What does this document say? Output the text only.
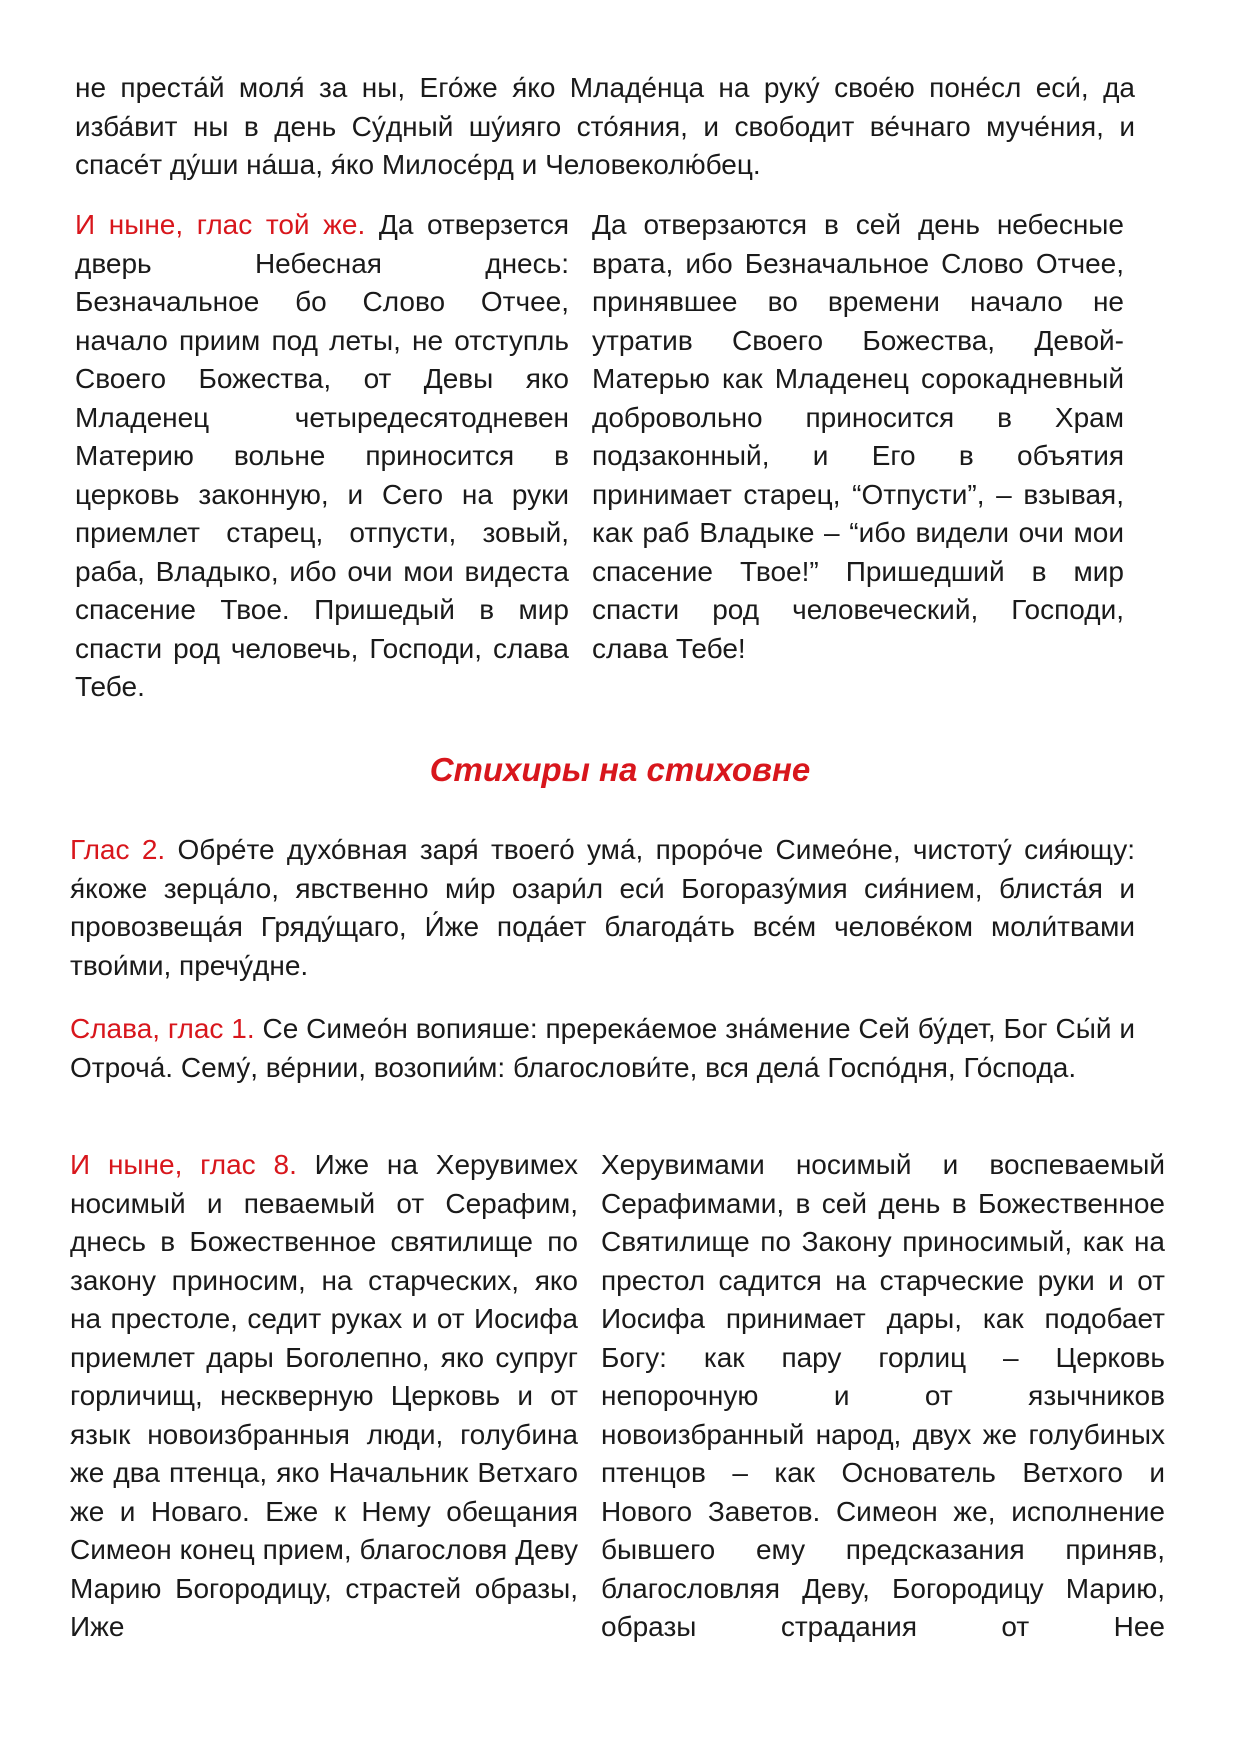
не преста́й моля́ за ны, Его́же я́ко Младе́нца на руку́ свое́ю поне́сл еси́, да изба́вит ны в день Су́дный шу́ияго сто́яния, и свободит ве́чнаго муче́ния, и спасе́т ду́ши на́ша, я́ко Милосе́рд и Человеколю́бец.

И ныне, глас той же. Да отверзется дверь Небесная днесь: Безначальное бо Слово Отчее, начало приим под леты, не отступль Своего Божества, от Девы яко Младенец четыредесятодневен Материю вольне приносится в церковь законную, и Сего на руки приемлет старец, отпусти, зовый, раба, Владыко, ибо очи мои видеста спасение Твое. Пришедый в мир спасти род человечь, Господи, слава Тебе.

Да отверзаются в сей день небесные врата, ибо Безначальное Слово Отчее, принявшее во времени начало не утратив Своего Божества, Девой-Матерью как Младенец сорокадневный добровольно приносится в Храм подзаконный, и Его в объятия принимает старец, “Отпусти”, – взывая, как раб Владыке – “ибо видели очи мои спасение Твое!” Пришедший в мир спасти род человеческий, Господи, слава Тебе!

Стихиры на стиховне

Глас 2. Обре́те духо́вная заря́ твоего́ ума́, проро́че Симео́не, чистоту́ сия́ющу: я́коже зерца́ло, явственно ми́р озари́л еси́ Богоразу́мия сия́нием, блиста́я и провозвеща́я Гряду́щаго, И́же пода́ет благода́ть все́м челове́ком моли́твами твои́ми, пречу́дне.

Слава, глас 1. Се Симео́н вопияше: пререка́емое зна́мение Сей бу́дет, Бог Сы́й и Отроча́. Сему́, ве́рнии, возопии́м: благослови́те, вся дела́ Госпо́дня, Го́спода.

И ныне, глас 8. Иже на Херувимех носимый и певаемый от Серафим, днесь в Божественное святилище по закону приносим, на старческих, яко на престоле, седит руках и от Иосифа приемлет дары Боголепно, яко супруг горличищ, нескверную Церковь и от язык новоизбранныя люди, голубина же два птенца, яко Начальник Ветхаго же и Новаго. Еже к Нему обещания Симеон конец прием, благословя Деву Марию Богородицу, страстей образы, Иже

Херувимами носимый и воспеваемый Серафимами, в сей день в Божественное Святилище по Закону приносимый, как на престол садится на старческие руки и от Иосифа принимает дары, как подобает Богу: как пару горлиц – Церковь непорочную и от язычников новоизбранный народ, двух же голубиных птенцов – как Основатель Ветхого и Нового Заветов. Симеон же, исполнение бывшего ему предсказания приняв, благословляя Деву, Богородицу Марию, образы страдания от Нее
